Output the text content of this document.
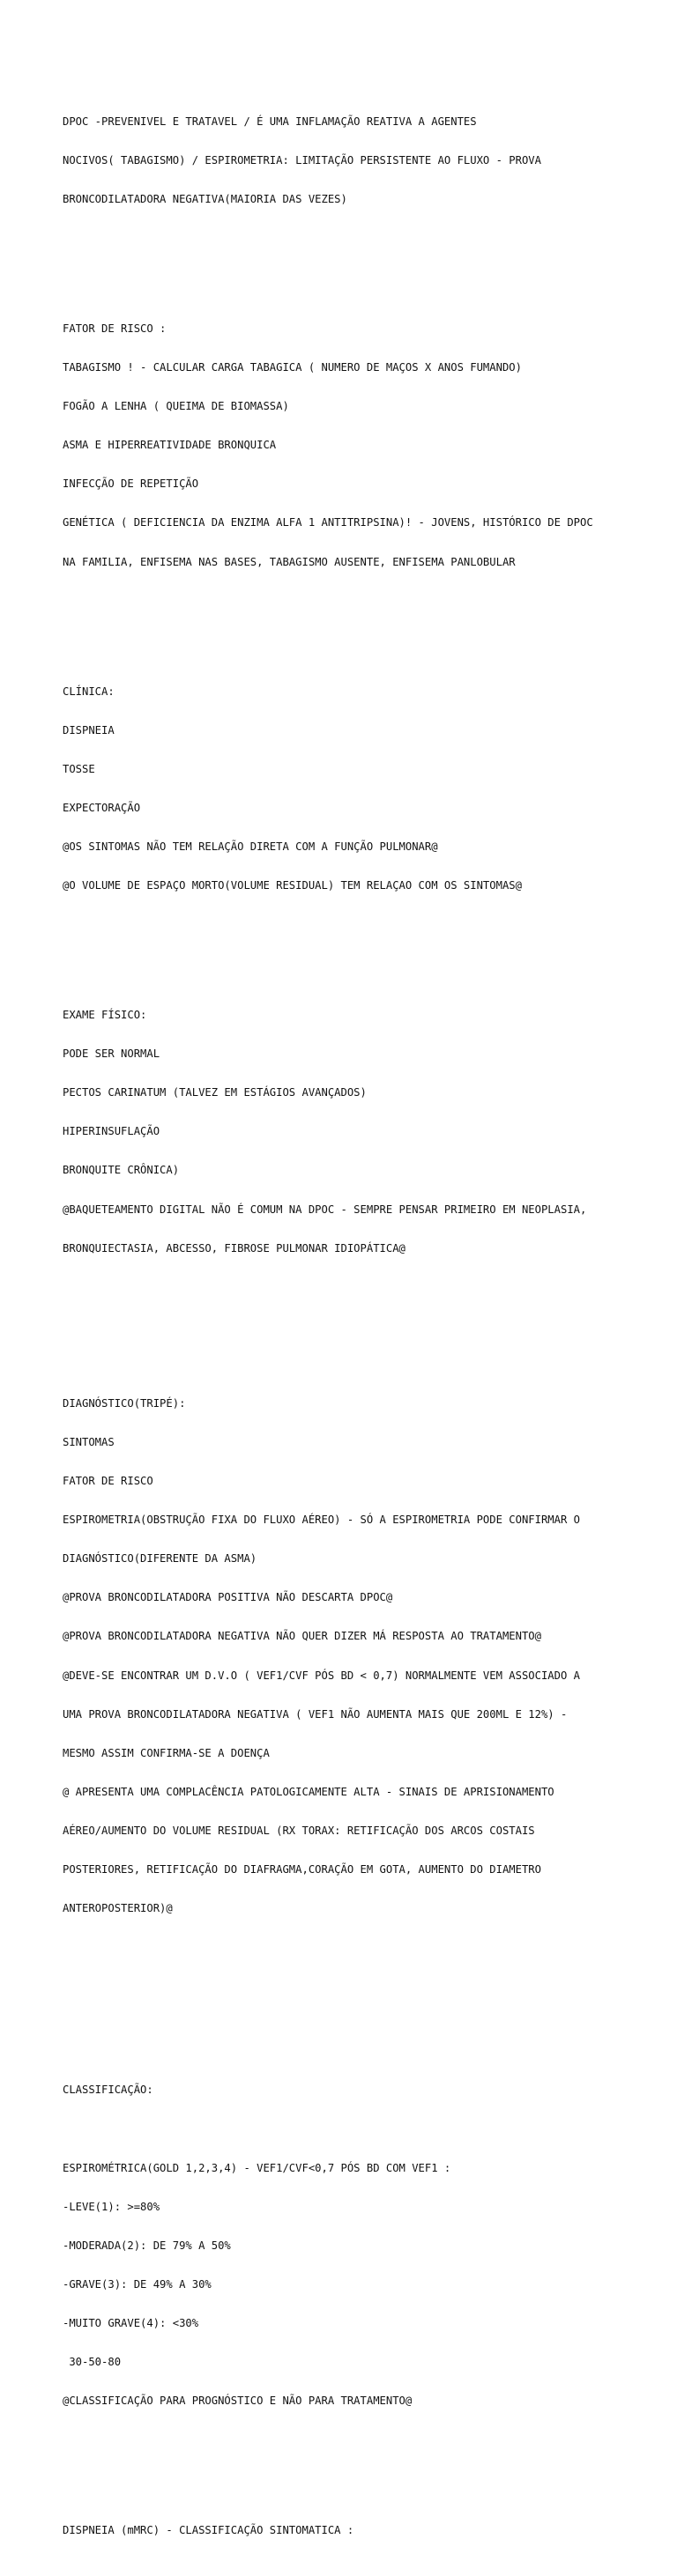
DPOC -PREVENIVEL E TRATAVEL / É UMA INFLAMAÇÃO REATIVA A AGENTES

NOCIVOS( TABAGISMO) / ESPIROMETRIA: LIMITAÇÃO PERSISTENTE AO FLUXO - PROVA

BRONCODILATADORA NEGATIVA(MAIORIA DAS VEZES)

FATOR DE RISCO :

TABAGISMO ! - CALCULAR CARGA TABAGICA ( NUMERO DE MAÇOS X ANOS FUMANDO)

FOGÃO A LENHA ( QUEIMA DE BIOMASSA)

ASMA E HIPERREATIVIDADE BRONQUICA

INFECÇÃO DE REPETIÇÃO

GENÉTICA ( DEFICIENCIA DA ENZIMA ALFA 1 ANTITRIPSINA)! - JOVENS, HISTÓRICO DE DPOC

NA FAMILIA, ENFISEMA NAS BASES, TABAGISMO AUSENTE, ENFISEMA PANLOBULAR

CLÍNICA:

DISPNEIA

TOSSE

EXPECTORAÇÃO

@OS SINTOMAS NÃO TEM RELAÇÃO DIRETA COM A FUNÇÃO PULMONAR@

@O VOLUME DE ESPAÇO MORTO(VOLUME RESIDUAL) TEM RELAÇAO COM OS SINTOMAS@

EXAME FÍSICO:

PODE SER NORMAL

PECTOS CARINATUM (TALVEZ EM ESTÁGIOS AVANÇADOS)

HIPERINSUFLAÇÃO

BRONQUITE CRÔNICA)

@BAQUETEAMENTO DIGITAL NÃO É COMUM NA DPOC - SEMPRE PENSAR PRIMEIRO EM NEOPLASIA,

BRONQUIECTASIA, ABCESSO, FIBROSE PULMONAR IDIOPÁTICA@

DIAGNÓSTICO(TRIPÉ):

SINTOMAS

FATOR DE RISCO

ESPIROMETRIA(OBSTRUÇÃO FIXA DO FLUXO AÉREO) - SÓ A ESPIROMETRIA PODE CONFIRMAR O

DIAGNÓSTICO(DIFERENTE DA ASMA)

@PROVA BRONCODILATADORA POSITIVA NÃO DESCARTA DPOC@

@PROVA BRONCODILATADORA NEGATIVA NÃO QUER DIZER MÁ RESPOSTA AO TRATAMENTO@

@DEVE-SE ENCONTRAR UM D.V.O ( VEF1/CVF PÓS BD < 0,7) NORMALMENTE VEM ASSOCIADO A

UMA PROVA BRONCODILATADORA NEGATIVA ( VEF1 NÃO AUMENTA MAIS QUE 200ML E 12%) -

MESMO ASSIM CONFIRMA-SE A DOENÇA

@ APRESENTA UMA COMPLACÊNCIA PATOLOGICAMENTE ALTA - SINAIS DE APRISIONAMENTO

AÉREO/AUMENTO DO VOLUME RESIDUAL (RX TORAX: RETIFICAÇÃO DOS ARCOS COSTAIS

POSTERIORES, RETIFICAÇÃO DO DIAFRAGMA,CORAÇÃO EM GOTA, AUMENTO DO DIAMETRO

ANTEROPOSTERIOR)@

CLASSIFICAÇÃO:

ESPIROMÉTRICA(GOLD 1,2,3,4) - VEF1/CVF<0,7 PÓS BD COM VEF1 :

-LEVE(1): >=80%

-MODERADA(2): DE 79% A 50%

-GRAVE(3): DE 49% A 30%

-MUITO GRAVE(4): <30%

30-50-80

@CLASSIFICAÇÃO PARA PROGNÓSTICO E NÃO PARA TRATAMENTO@

DISPNEIA (mMRC) - CLASSIFICAÇÃO SINTOMATICA :
